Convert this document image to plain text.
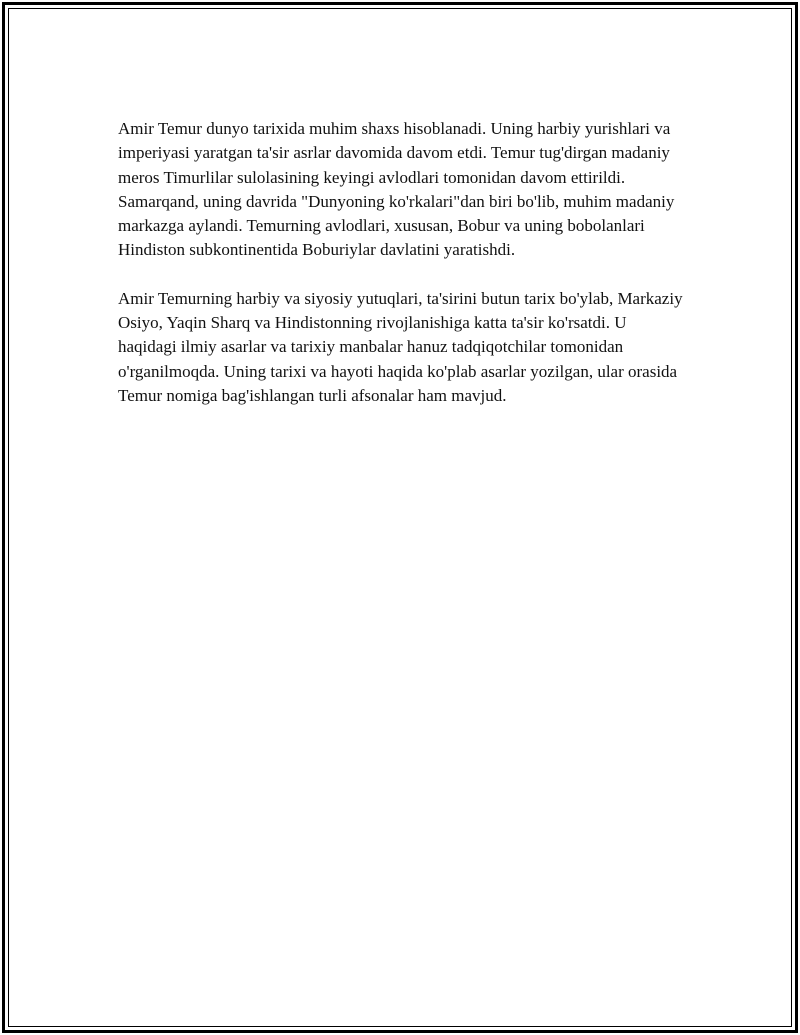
Amir Temur dunyo tarixida muhim shaxs hisoblanadi. Uning harbiy yurishlari va imperiyasi yaratgan ta'sir asrlar davomida davom etdi. Temur tug'dirgan madaniy meros Timurlilar sulolasining keyingi avlodlari tomonidan davom ettirildi. Samarqand, uning davrida "Dunyoning ko'rkalari"dan biri bo'lib, muhim madaniy markazga aylandi. Temurning avlodlari, xususan, Bobur va uning bobolanlari Hindiston subkontinentida Boburiylar davlatini yaratishdi.

Amir Temurning harbiy va siyosiy yutuqlari, ta'sirini butun tarix bo'ylab, Markaziy Osiyo, Yaqin Sharq va Hindistonning rivojlanishiga katta ta'sir ko'rsatdi. U haqidagi ilmiy asarlar va tarixiy manbalar hanuz tadqiqotchilar tomonidan o'rganilmoqda. Uning tarixi va hayoti haqida ko'plab asarlar yozilgan, ular orasida Temur nomiga bag'ishlangan turli afsonalar ham mavjud.
